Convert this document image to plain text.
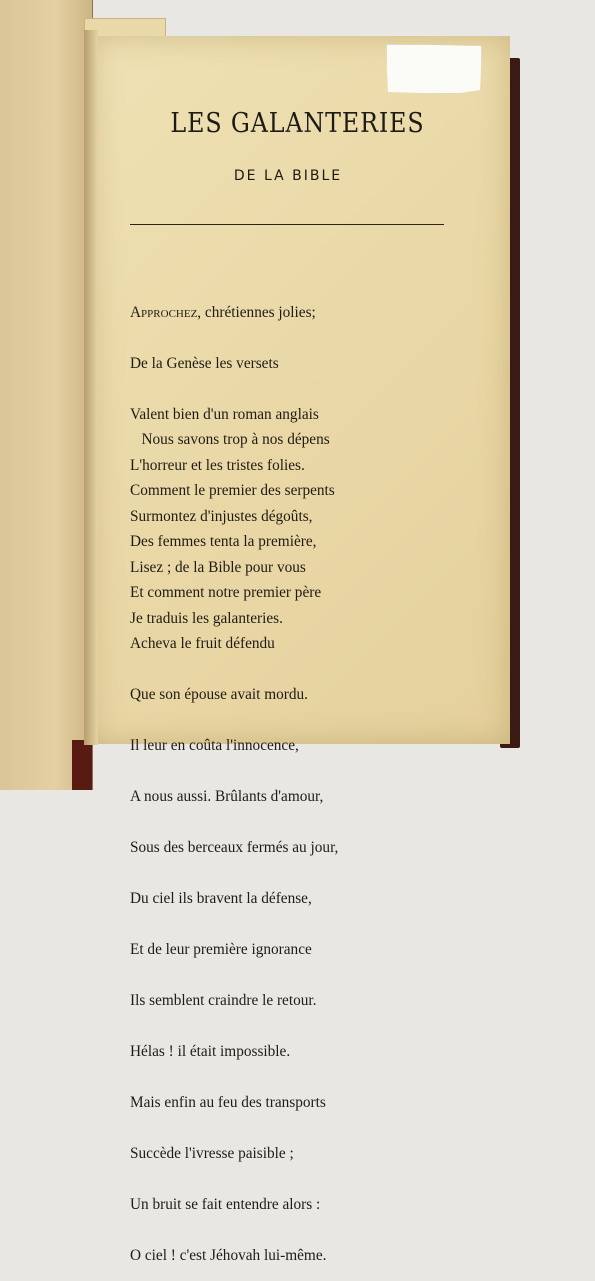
LES GALANTERIES
DE LA BIBLE

Approchez, chrétiennes jolies;

De la Genèse les versets

Valent bien d'un roman anglais

L'horreur et les tristes folies.

Surmontez d'injustes dégoûts,

Lisez ; de la Bible pour vous

Je traduis les galanteries.

Nous savons trop à nos dépens

Comment le premier des serpents

Des femmes tenta la première,

Et comment notre premier père

Acheva le fruit défendu

Que son épouse avait mordu.

Il leur en coûta l'innocence,

A nous aussi. Brûlants d'amour,

Sous des berceaux fermés au jour,

Du ciel ils bravent la défense,

Et de leur première ignorance

Ils semblent craindre le retour.

Hélas ! il était impossible.

Mais enfin au feu des transports

Succède l'ivresse paisible ;

Un bruit se fait entendre alors :

O ciel ! c'est Jéhovah lui-même.
